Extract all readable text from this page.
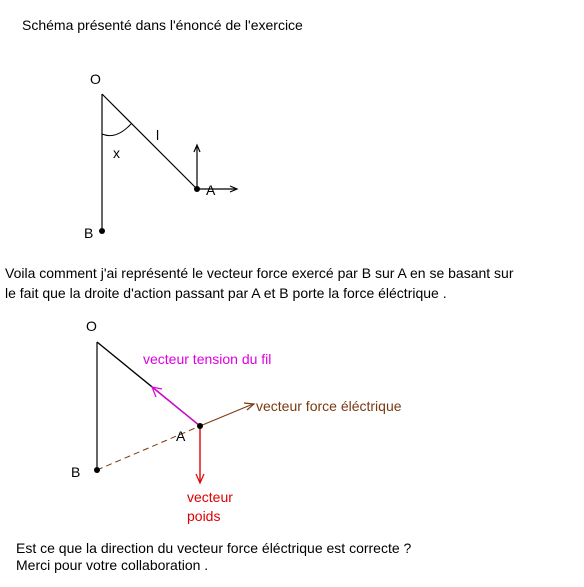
Schéma présenté dans l'énoncé de l'exercice
O
x
l
B
A
Voila comment j'ai représenté le vecteur force exercé par B sur A en se basant sur
le fait que la droite d'action passant par A et B porte la force éléctrique .
O
vecteur tension du fil
vecteur force éléctrique
A
B
vecteur
poids
Est ce que la direction du vecteur force éléctrique est correcte ?
Merci pour votre collaboration .
